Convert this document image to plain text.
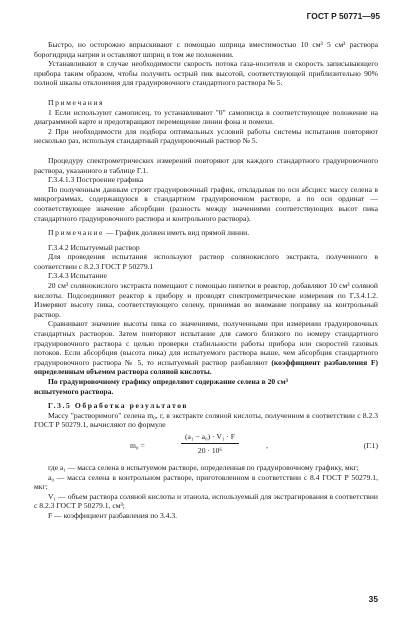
ГОСТ Р 50771—95

Быстро, но осторожно впрыскивают с помощью шприца вместимостью 10 см³ 5 см³ раствора борогидрида натрия и оставляют шприц в том же положении.

Устанавливают в случае необходимости скорость потока газа-носителя и скорость записывающего прибора таким образом, чтобы получить острый пик высотой, соответствующей приблизительно 90% полной шкалы отклонения для градуировочного стандартного раствора № 5.

Примечания

1 Если используют самописец, то устанавливают "0" самописца в соответствующее положение на диаграммной карте и предотвращают перемещение линии фона и помехи.

2 При необходимости для подбора оптимальных условий работы системы испытания повторяют несколько раз, используя стандартный градуировочный раствор № 5.

Процедуру спектрометрических измерений повторяют для каждого стандартного градуировочного раствора, указанного в таблице Г.1.

Г.3.4.1.3 Построение графика

По полученным данным строят градуировочный график, откладывая по оси абсцисс массу селена в микрограммах, содержащуюся в стандартном градуировочном растворе, а по оси ординат — соответствующее значение абсорбции (разность между значениями соответствующих высот пика стандартного градуировочного раствора и контрольного раствора).

Примечание — График должен иметь вид прямой линии.

Г.3.4.2 Испытуемый раствор

Для проведения испытания используют раствор солянокислого экстракта, полученного в соответствии с 8.2.3 ГОСТ Р 50279.1

Г.3.4.3 Испытание

20 см³ солянокислого экстракта помещают с помощью пипетки в реактор, добавляют 10 см³ соляной кислоты. Подсоединяют реактор к прибору и проводят спектрометрические измерения по Г.3.4.1.2. Измеряют высоту пика, соответствующего селену, принимая во внимание поправку на контрольный раствор.

Сравнивают значение высоты пика со значениями, полученными при измерении градуировочных стандартных растворов. Затем повторяют испытание для самого близкого по номеру стандартного градуировочного раствора с целью проверки стабильности работы прибора или скоростей газовых потоков. Если абсорбция (высота пика) для испытуемого раствора выше, чем абсорбция стандартного градуировочного раствора № 5, то испытуемый раствор разбавляют (коэффициент разбавления F) определенным объемом раствора соляной кислоты.

По градуировочному графику определяют содержание селена в 20 см³

испытуемого раствора.

Г.3.5 Обработка результатов

Массу "растворимого" селена m₀, г, в экстракте соляной кислоты, полученном в соответствии с 8.2.3 ГОСТ Р 50279.1, вычисляют по формуле

$m_0 = \frac{\text{(a₁ − a₀) · V₁ · F}}{\text{20 · 10⁶}}$ ,	(Г.1)

где a₁ — масса селена в испытуемом растворе, определенная по градуировочному графику, мкг;

a₀ — масса селена в контрольном растворе, приготовленном в соответствии с 8.4 ГОСТ Р 50279.1, мкг;

V₁ — объем раствора соляной кислоты и этанола, используемый для экстрагирования в соответствии с 8.2.3 ГОСТ Р 50279.1, см³;

F — коэффициент разбавления по 3.4.3.

35
